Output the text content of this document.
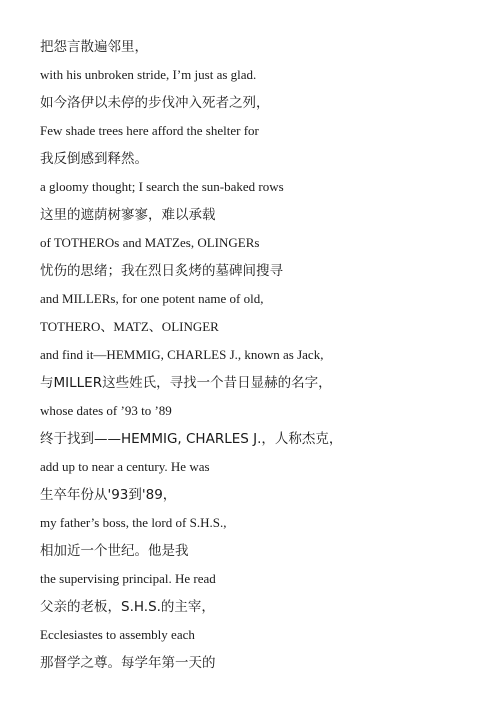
把怨言散遍邻里，
with his unbroken stride, I’m just as glad.
如今洛伊以未停的步伐冲入死者之列，
Few shade trees here afford the shelter for
我反倒感到释然。
a gloomy thought; I search the sun-baked rows
这里的遮荫树寥寥，难以承载
of TOTHEROs and MATZes, OLINGERs
忧伤的思绪；我在烈日炙烤的墓碑间搜寻
and MILLERs, for one potent name of old,
TOTHERO、MATZ、OLINGER
and find it—HEMMIG, CHARLES J., known as Jack,
与MILLER这些姓氏，寻找一个昔日显赫的名字，
whose dates of ’93 to ’89
终于找到——HEMMIG, CHARLES J.，人称杰克，
add up to near a century. He was
生卒年份从'93到'89，
my father’s boss, the lord of S.H.S.,
相加近一个世纪。他是我
the supervising principal. He read
父亲的老板，S.H.S.的主宰，
Ecclesiastes to assembly each
那督学之尊。每学年第一天的
